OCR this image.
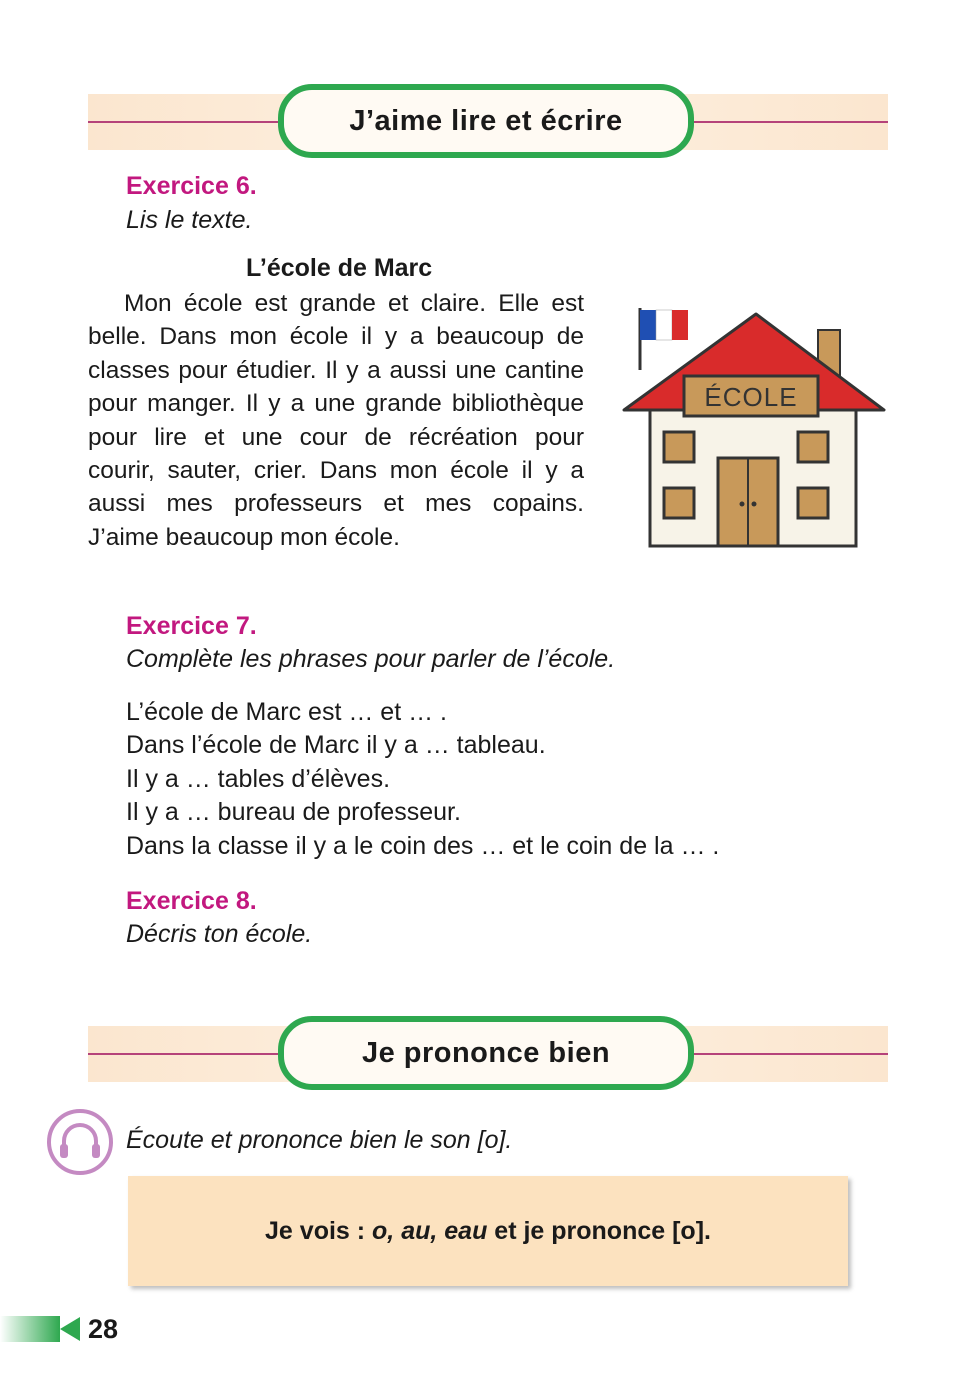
J’aime lire et écrire
Exercice 6.
Lis le texte.
L’école de Marc

Mon école est grande et claire. Elle est belle. Dans mon école il y a beaucoup de classes pour étudier. Il y a aussi une cantine pour manger. Il y a une grande bibliothèque pour lire et une cour de récréation pour courir, sauter, crier. Dans mon école il y a aussi mes professeurs et mes copains. J’aime beaucoup mon école.

ÉCOLE
Exercice 7.
Complète les phrases pour parler de l’école.
L’école de Marc est … et … .
Dans l’école de Marc il y a … tableau.
Il y a … tables d’élèves.
Il y a … bureau de professeur.
Dans la classe il y a le coin des … et le coin de la … .
Exercice 8.
Décris ton école.
Je prononce bien
Écoute et prononce bien le son [o].
Je vois : o, au, eau et je prononce [o].
28
